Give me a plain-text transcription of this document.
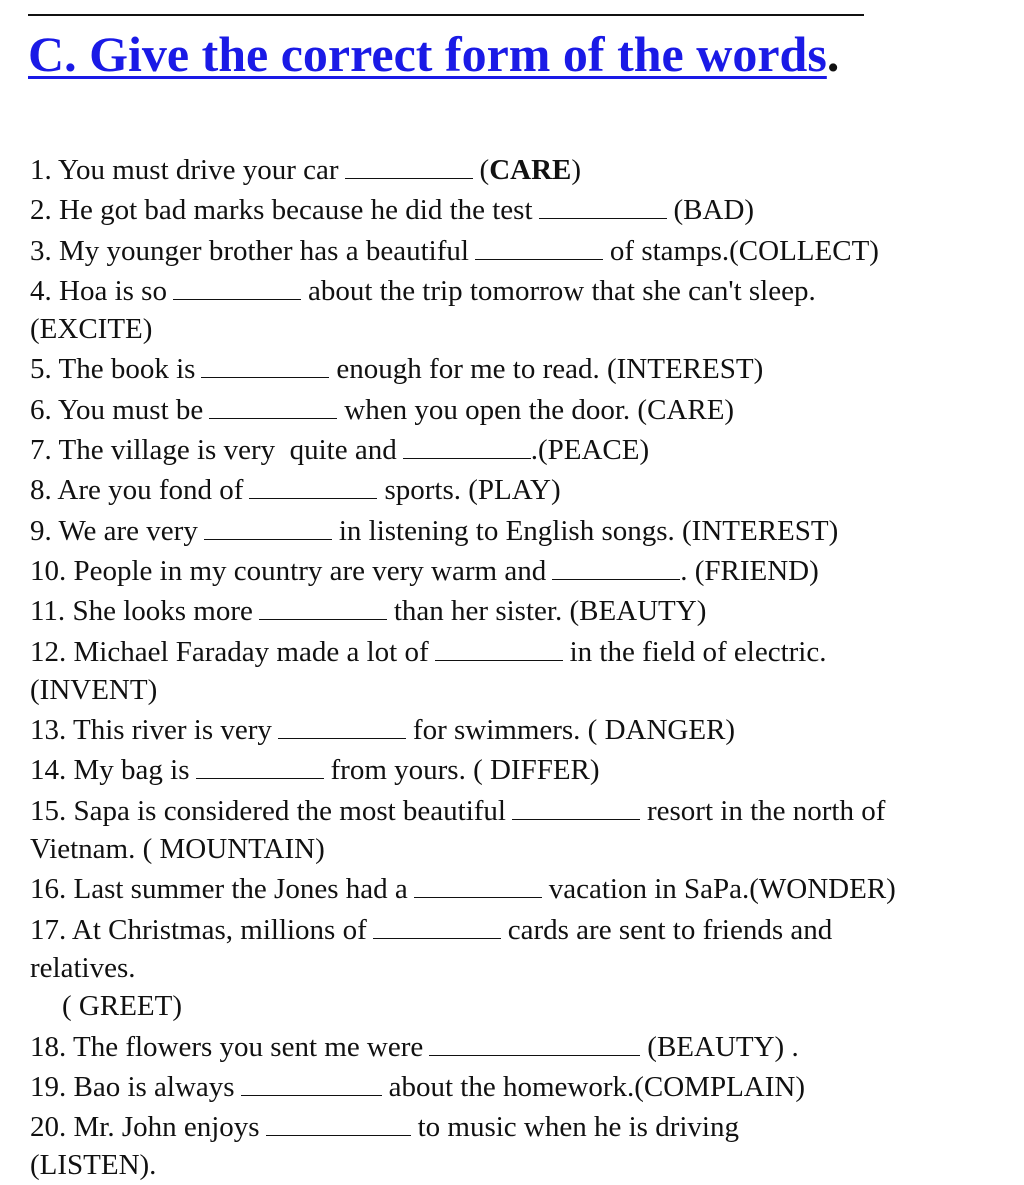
C. Give the correct form of the words.
1. You must drive your car	(CARE)
2. He got bad marks because he did the test	(BAD)
3. My younger brother has a beautiful	of stamps.(COLLECT)
4. Hoa is so	about the trip tomorrow that she can't sleep.
(EXCITE)
5. The book is	enough for me to read. (INTEREST)
6. You must be	when you open the door. (CARE)
7. The village is very  quite and	.(PEACE)
8. Are you fond of	sports. (PLAY)
9. We are very	in listening to English songs. (INTEREST)
10. People in my country are very warm and	. (FRIEND)
11. She looks more	than her sister. (BEAUTY)
12. Michael Faraday made a lot of	in the field of electric.
(INVENT)
13. This river is very	for swimmers. ( DANGER)
14. My bag is	from yours. ( DIFFER)
15. Sapa is considered the most beautiful	resort in the north of
Vietnam. ( MOUNTAIN)
16. Last summer the Jones had a	vacation in SaPa.(WONDER)
17. At Christmas, millions of	cards are sent to friends and
relatives.
( GREET)
18. The flowers you sent me were	(BEAUTY) .
19. Bao is always	about the homework.(COMPLAIN)
20. Mr. John enjoys	to music when he is driving
(LISTEN).
